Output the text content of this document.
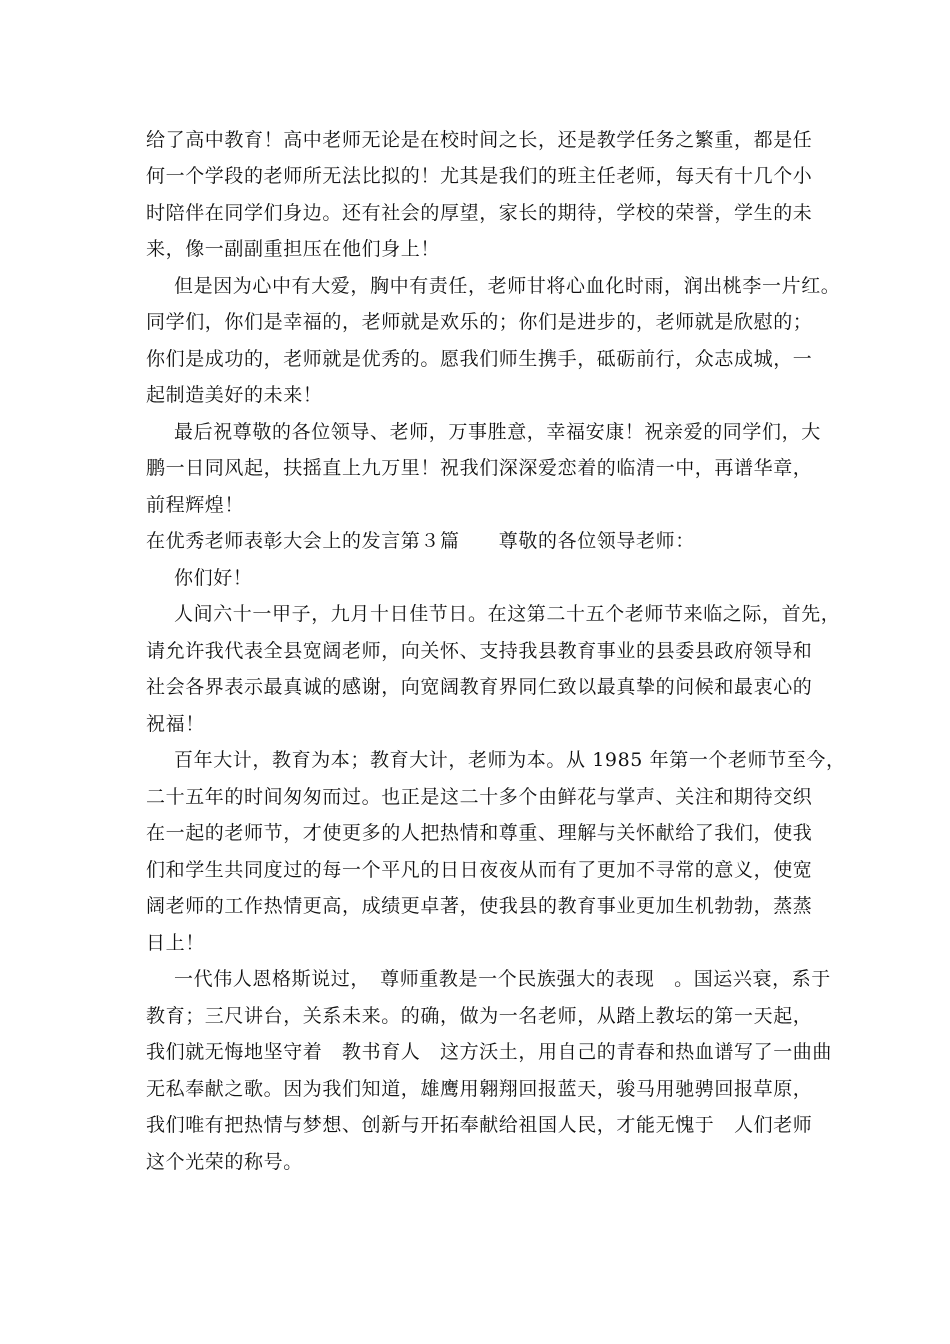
给了高中教育！高中老师无论是在校时间之长，还是教学任务之繁重，都是任
何一个学段的老师所无法比拟的！尤其是我们的班主任老师，每天有十几个小
时陪伴在同学们身边。还有社会的厚望，家长的期待，学校的荣誉，学生的未
来，像一副副重担压在他们身上！
但是因为心中有大爱，胸中有责任，老师甘将心血化时雨，润出桃李一片红。
同学们，你们是幸福的，老师就是欢乐的；你们是进步的，老师就是欣慰的；
你们是成功的，老师就是优秀的。愿我们师生携手，砥砺前行，众志成城，一
起制造美好的未来！
最后祝尊敬的各位领导、老师，万事胜意，幸福安康！祝亲爱的同学们，大
鹏一日同风起，扶摇直上九万里！祝我们深深爱恋着的临清一中，再谱华章，
前程辉煌！
在优秀老师表彰大会上的发言第３篇　　尊敬的各位领导老师：
你们好！
人间六十一甲子，九月十日佳节日。在这第二十五个老师节来临之际，首先，
请允许我代表全县宽阔老师，向关怀、支持我县教育事业的县委县政府领导和
社会各界表示最真诚的感谢，向宽阔教育界同仁致以最真挚的问候和最衷心的
祝福！
百年大计，教育为本；教育大计，老师为本。从 1985 年第一个老师节至今，
二十五年的时间匆匆而过。也正是这二十多个由鲜花与掌声、关注和期待交织
在一起的老师节，才使更多的人把热情和尊重、理解与关怀献给了我们，使我
们和学生共同度过的每一个平凡的日日夜夜从而有了更加不寻常的意义，使宽
阔老师的工作热情更高，成绩更卓著，使我县的教育事业更加生机勃勃，蒸蒸
日上！
一代伟人恩格斯说过，　尊师重教是一个民族强大的表现　。国运兴衰，系于
教育；三尺讲台，关系未来。的确，做为一名老师，从踏上教坛的第一天起，
我们就无悔地坚守着　教书育人　这方沃土，用自己的青春和热血谱写了一曲曲
无私奉献之歌。因为我们知道，雄鹰用翱翔回报蓝天，骏马用驰骋回报草原，
我们唯有把热情与梦想、创新与开拓奉献给祖国人民，才能无愧于　人们老师
这个光荣的称号。
